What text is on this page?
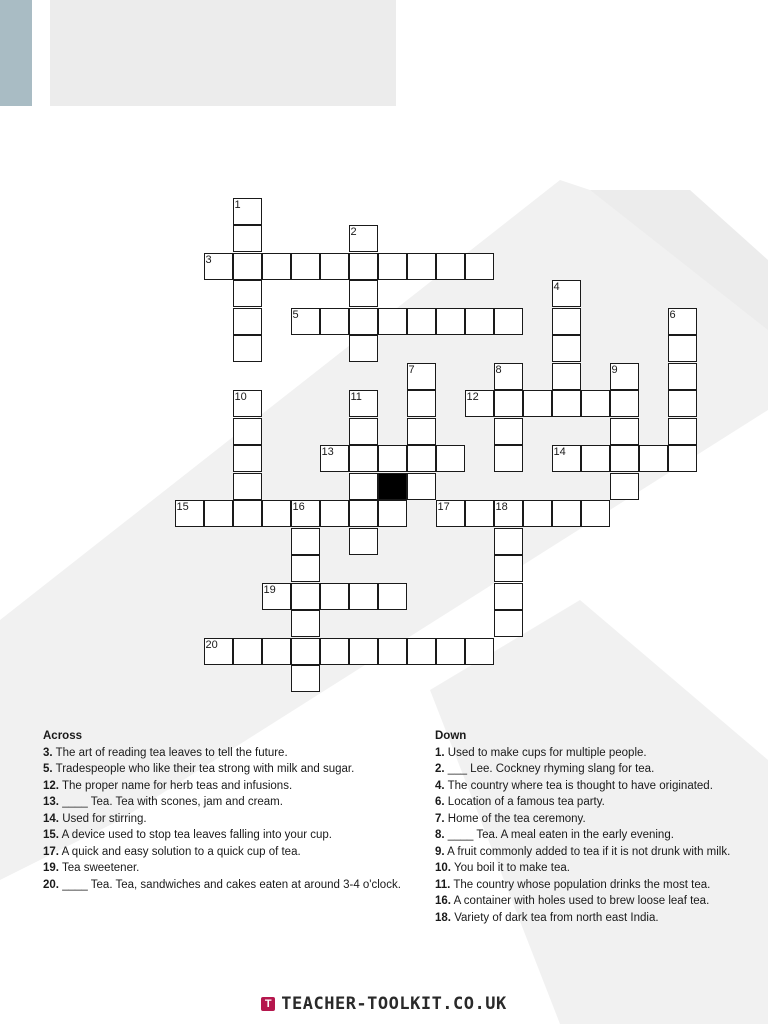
1
2
3
4
5	6
7	8	9
10	11	12
13	14
15	16	17	18
19
20
Across
3. The art of reading tea leaves to tell the future.
5. Tradespeople who like their tea strong with milk and sugar.
12. The proper name for herb teas and infusions.
13. ____ Tea. Tea with scones, jam and cream.
14. Used for stirring.
15. A device used to stop tea leaves falling into your cup.
17. A quick and easy solution to a quick cup of tea.
19. Tea sweetener.
20. ____ Tea. Tea, sandwiches and cakes eaten at around 3-4 o'clock.
Down
1. Used to make cups for multiple people.
2. ___ Lee. Cockney rhyming slang for tea.
4. The country where tea is thought to have originated.
6. Location of a famous tea party.
7. Home of the tea ceremony.
8. ____ Tea. A meal eaten in the early evening.
9. A fruit commonly added to tea if it is not drunk with milk.
10. You boil it to make tea.
11. The country whose population drinks the most tea.
16. A container with holes used to brew loose leaf tea.
18. Variety of dark tea from north east India.
T TEACHER-TOOLKIT.CO.UK
